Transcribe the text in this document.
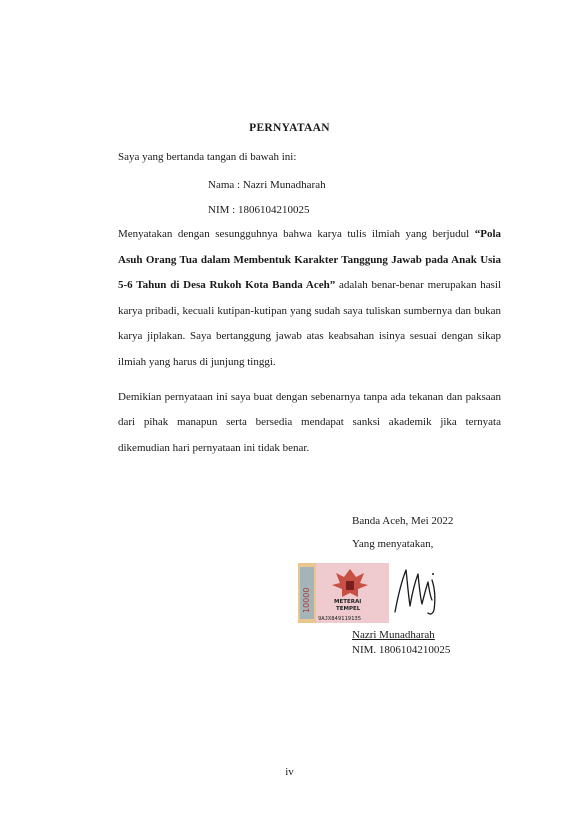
PERNYATAAN
Saya yang bertanda tangan di bawah ini:
Nama : Nazri Munadharah
NIM : 1806104210025
Menyatakan dengan sesungguhnya bahwa karya tulis ilmiah yang berjudul “Pola
Asuh Orang Tua dalam Membentuk Karakter Tanggung Jawab pada Anak Usia
5-6 Tahun di Desa Rukoh Kota Banda Aceh” adalah benar-benar merupakan hasil
karya pribadi, kecuali kutipan-kutipan yang sudah saya tuliskan sumbernya dan bukan
karya jiplakan. Saya bertanggung jawab atas keabsahan isinya sesuai dengan sikap
ilmiah yang harus di junjung tinggi.
Demikian pernyataan ini saya buat dengan sebenarnya tanpa ada tekanan dan paksaan
dari pihak manapun serta bersedia mendapat sanksi akademik jika ternyata
dikemudian hari pernyataan ini tidak benar.
Banda Aceh, Mei 2022
Yang menyatakan,
10000	METERAI
TEMPEL
9AJX849119135
Nazri Munadharah
NIM. 1806104210025
iv
